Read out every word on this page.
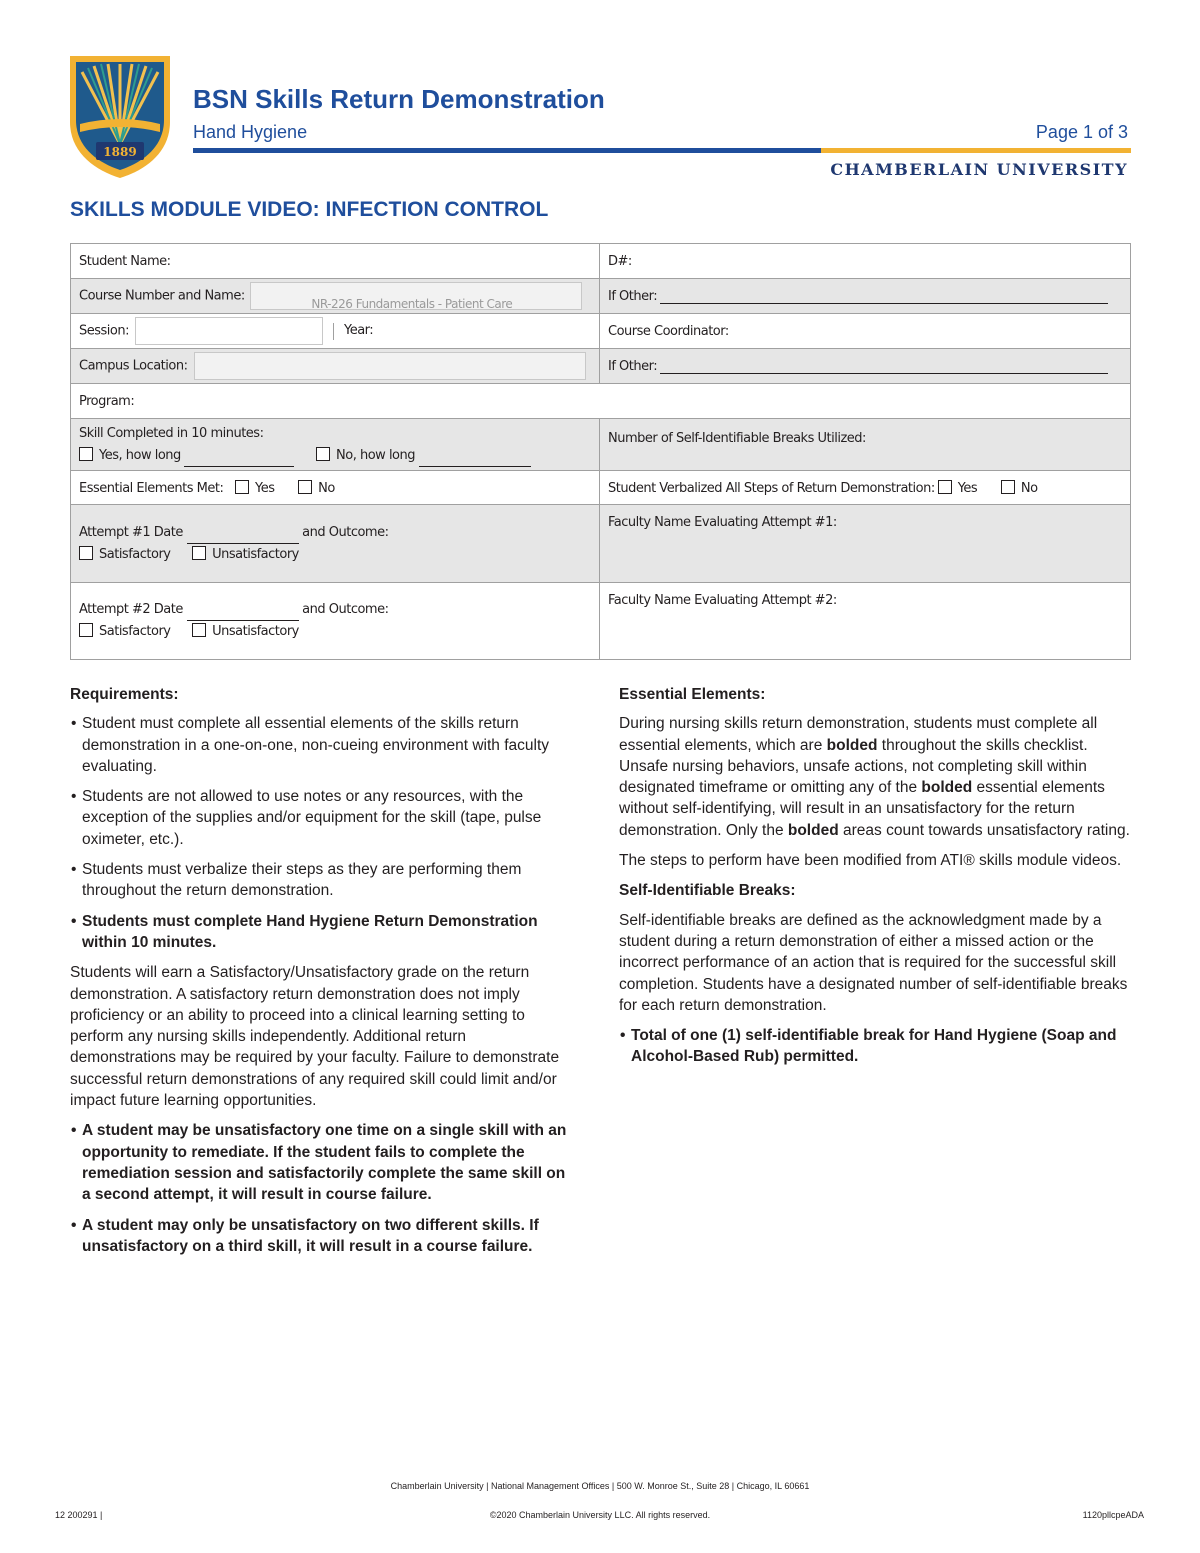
1889
BSN Skills Return Demonstration
Hand Hygiene	Page 1 of 3
CHAMBERLAIN UNIVERSITY
SKILLS MODULE VIDEO: INFECTION CONTROL
Student Name:	D#:
Course Number and Name:
NR-226 Fundamentals - Patient Care	If Other:
Session: Year:	Course Coordinator:
Campus Location:	If Other:
Program:	

Skill Completed in 10 minutes:
Yes, how long No, how long	Number of Self-Identifiable Breaks Utilized:
Essential Elements Met: Yes No	Student Verbalized All Steps of Return Demonstration: Yes No

Attempt #1 Date and Outcome:
Satisfactory Unsatisfactory	Faculty Name Evaluating Attempt #1:

Attempt #2 Date and Outcome:
Satisfactory Unsatisfactory	Faculty Name Evaluating Attempt #2:
Requirements:
• Student must complete all essential elements of the skills return demonstration in a one-on-one, non-cueing environment with faculty evaluating.
• Students are not allowed to use notes or any resources, with the exception of the supplies and/or equipment for the skill (tape, pulse oximeter, etc.).
• Students must verbalize their steps as they are performing them throughout the return demonstration.
• Students must complete Hand Hygiene Return Demonstration within 10 minutes.

Students will earn a Satisfactory/Unsatisfactory grade on the return demonstration. A satisfactory return demonstration does not imply proficiency or an ability to proceed into a clinical learning setting to perform any nursing skills independently. Additional return demonstrations may be required by your faculty. Failure to demonstrate successful return demonstrations of any required skill could limit and/or impact future learning opportunities.

• A student may be unsatisfactory one time on a single skill with an opportunity to remediate. If the student fails to complete the remediation session and satisfactorily complete the same skill on a second attempt, it will result in course failure.
• A student may only be unsatisfactory on two different skills. If unsatisfactory on a third skill, it will result in a course failure.
Essential Elements:

During nursing skills return demonstration, students must complete all essential elements, which are bolded throughout the skills checklist. Unsafe nursing behaviors, unsafe actions, not completing skill within designated timeframe or omitting any of the bolded essential elements without self-identifying, will result in an unsatisfactory for the return demonstration. Only the bolded areas count towards unsatisfactory rating.

The steps to perform have been modified from ATI® skills module videos.

Self-Identifiable Breaks:

Self-identifiable breaks are defined as the acknowledgment made by a student during a return demonstration of either a missed action or the incorrect performance of an action that is required for the successful skill completion. Students have a designated number of self-identifiable breaks for each return demonstration.

• Total of one (1) self-identifiable break for Hand Hygiene (Soap and Alcohol-Based Rub) permitted.
Chamberlain University | National Management Offices | 500 W. Monroe St., Suite 28 | Chicago, IL 60661
12 200291 |	©2020 Chamberlain University LLC. All rights reserved.	1120pllcpeADA
